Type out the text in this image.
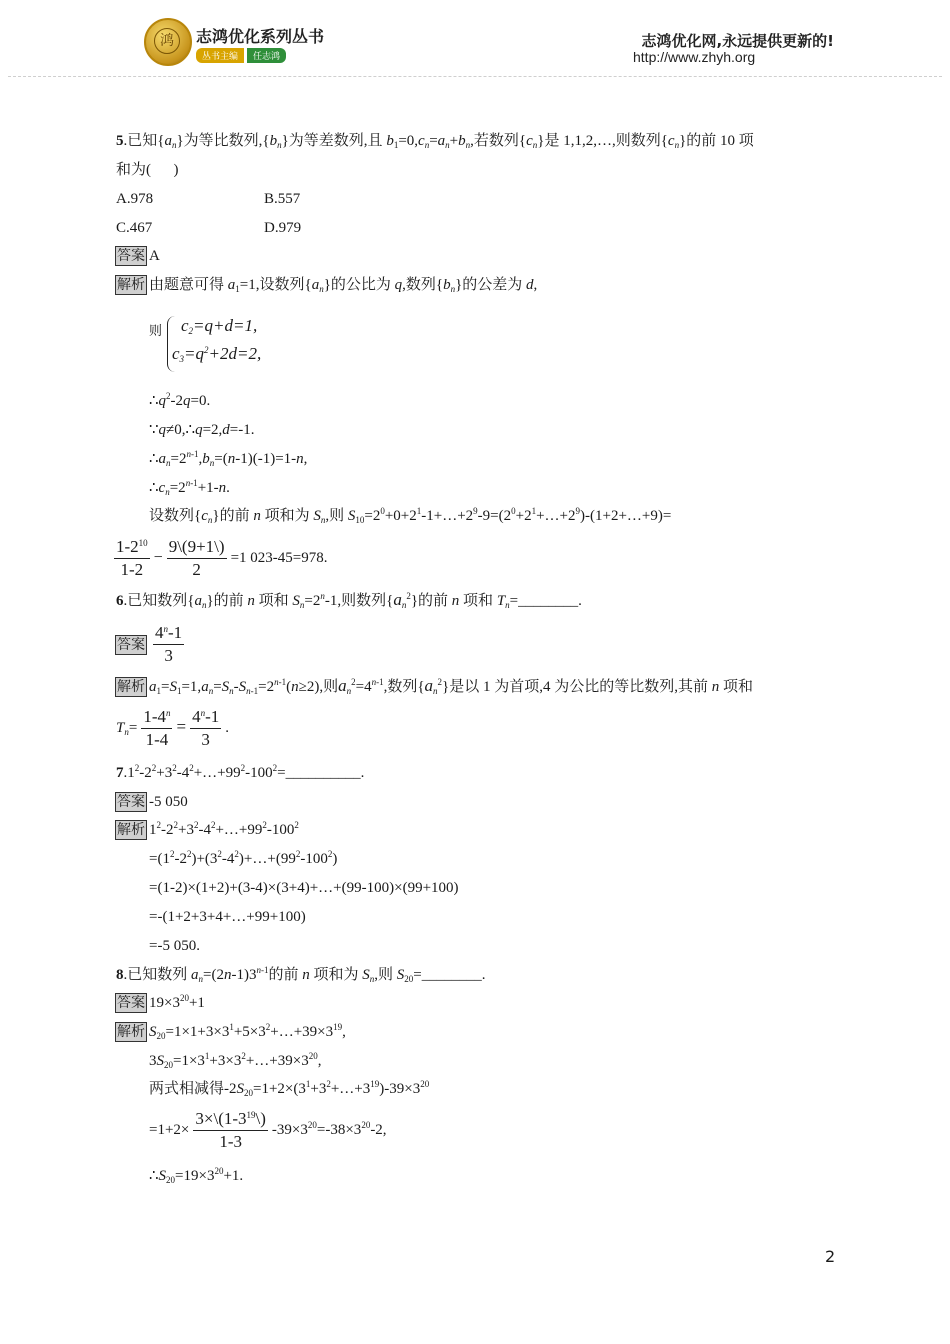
鸿	志鸿优化系列丛书
丛书主编	任志鸿
志鸿优化网,永远提供更新的!
http://www.zhyh.org
5.已知$\{a_n\}$为等比数列$,\{b_n\}$为等差数列,且 $b_1=0,c_n=a_n+b_n$,若数列$\{c_n\}$是 1,1,2,…,则数列$\{c_n\}$的前 10 项
和为(      )
A.978	B.557
C.467	D.979
答案 A
解析 由题意可得 $a_1=1$,设数列$\{a_n\}$的公比为 q,数列$\{b_n\}$的公差为 d,
则 $c_2=q+d=1$,
$c_3=q^2+2d=2$,
$\therefore q^2-2q=0$.
∵q≠0,∴q=2,d=-1.
$\therefore a_n=2^{n-1},b_n=(n-1)(-1)=1-n$,
$\therefore c_n=2^{n-1}+1-n$.
设数列$\{c_n\}$的前 n 项和为 $S_n$,则 $S_{10}=2^0+0+2^1-1+\dots+2^9-9=(2^0+2^1+\dots+2^9)-(1+2+\dots+9)=$
$\frac{1-2^{10}}{1-2} - \frac{9\backslash(9+1\backslash)}{2} =1$ 023-45=978.
6.已知数列$\{a_n\}$的前 n 项和 $S_n=2^n-1$,则数列$\{a_n^2\}$的前 n 项和 $T_n=\_\_\_\_\_\_\_\_$.
答案 $\frac{4^n-1}{3}$
解析 $a_1=S_1=1,a_n=S_n-S_{n-1}=2^{n-1}(n\ge 2)$,则$a_n^2=4^{n-1}$,数列$\{a_n^2\}$是以 1 为首项,4 为公比的等比数列,其前 n 项和
$T_n= \frac{1-4^n}{1-4} = \frac{4^n-1}{3}$ .
$7.1^2-2^2+3^2-4^2+\dots+99^2-100^2=\_\_\_\_\_\_\_\_\_\_$.
答案 -5 050
解析 $1^2-2^2+3^2-4^2+\dots+99^2-100^2$
$=(1^2-2^2)+(3^2-4^2)+\dots+(99^2-100^2)$
=(1-2)×(1+2)+(3-4)×(3+4)+…+(99-100)×(99+100)
=-(1+2+3+4+…+99+100)
=-5 050.
8.已知数列 $a_n=(2n-1)3^{n-1}$的前 n 项和为 $S_n$,则 $S_{20}=\_\_\_\_\_\_\_\_$.
答案 $19\times 3^{20}+1$
解析 $S_{20}=1\times 1+3\times 3^1+5\times 3^2+\dots+39\times 3^{19}$,
$3S_{20}=1\times 3^1+3\times 3^2+\dots+39\times 3^{20}$,
两式相减得$-2S_{20}=1+2\times(3^1+3^2+\dots+3^{19})-39\times 3^{20}$
$=1+2\times \frac{3\times\backslash(1-3^{19}\backslash)}{1-3} -39\times 3^{20}=-38\times 3^{20}-2$,
$\therefore S_{20}=19\times 3^{20}+1$.
2
